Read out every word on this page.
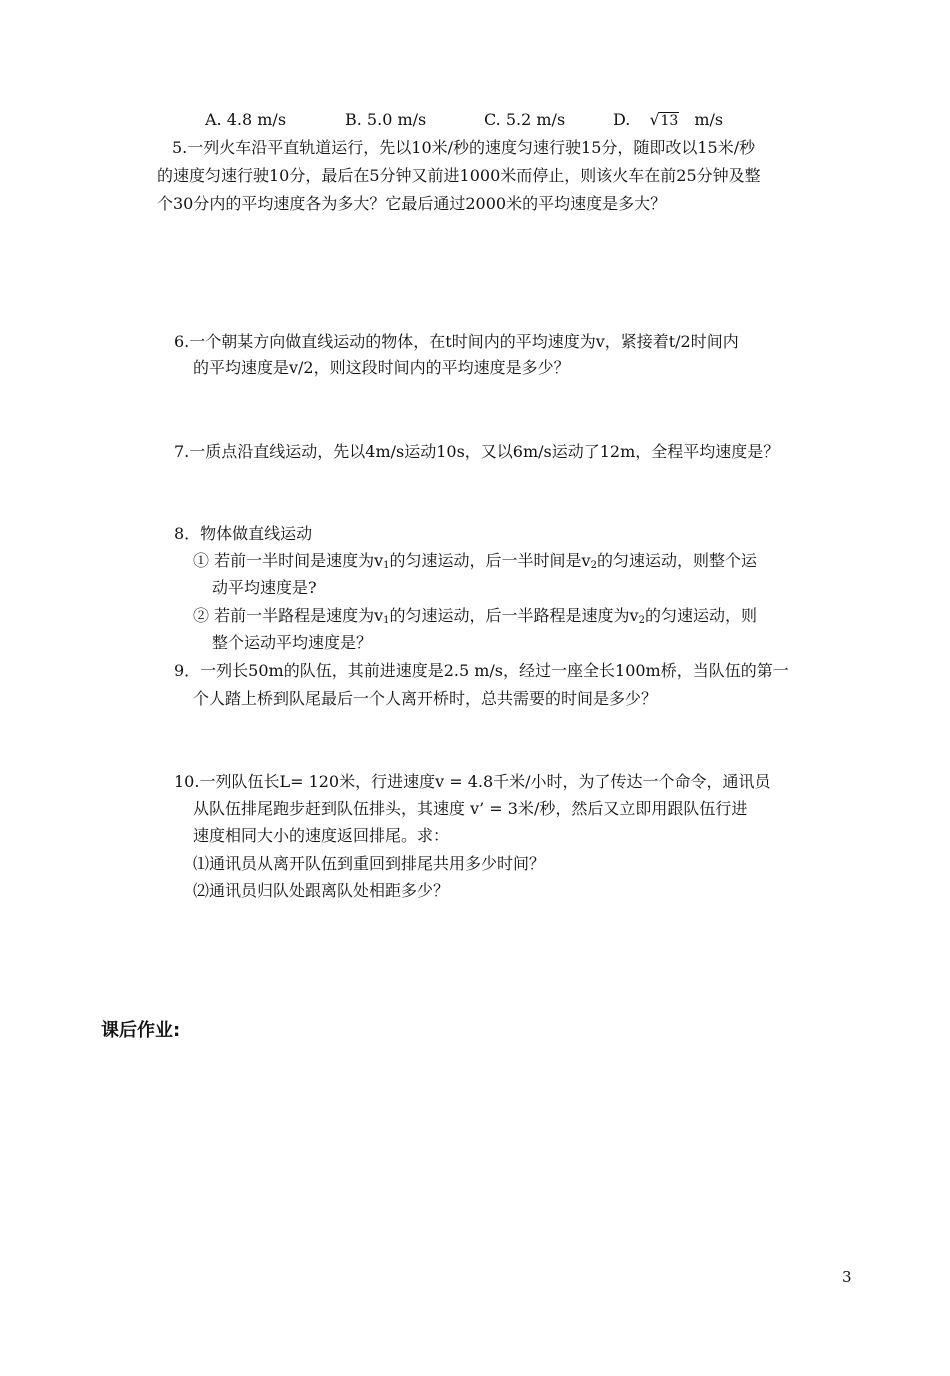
A. 4.8 m/s	B. 5.0 m/s	C. 5.2 m/s	D. √ 13 m/s
5.一列火车沿平直轨道运行，先以10米/秒的速度匀速行驶15分，随即改以15米/秒
的速度匀速行驶10分，最后在5分钟又前进1000米而停止，则该火车在前25分钟及整
个30分内的平均速度各为多大？它最后通过2000米的平均速度是多大？
6.一个朝某方向做直线运动的物体，在t时间内的平均速度为v，紧接着t/2时间内
的平均速度是v/2，则这段时间内的平均速度是多少？
7.一质点沿直线运动，先以4m/s运动10s，又以6m/s运动了12m，全程平均速度是？
8．物体做直线运动
① 若前一半时间是速度为$v_1$的匀速运动，后一半时间是$v_2$的匀速运动，则整个运
动平均速度是?
② 若前一半路程是速度为$v_1$的匀速运动，后一半路程是速度为$v_2$的匀速运动，则
整个运动平均速度是？
9．一列长50m的队伍，其前进速度是2.5 m/s，经过一座全长100m桥，当队伍的第一
个人踏上桥到队尾最后一个人离开桥时，总共需要的时间是多少？
10.一列队伍长L= 120米，行进速度v = 4.8千米/小时，为了传达一个命令，通讯员
从队伍排尾跑步赶到队伍排头，其速度 v’ = 3米/秒，然后又立即用跟队伍行进
速度相同大小的速度返回排尾。求：
⑴通讯员从离开队伍到重回到排尾共用多少时间？
⑵通讯员归队处跟离队处相距多少？
课后作业:
3
